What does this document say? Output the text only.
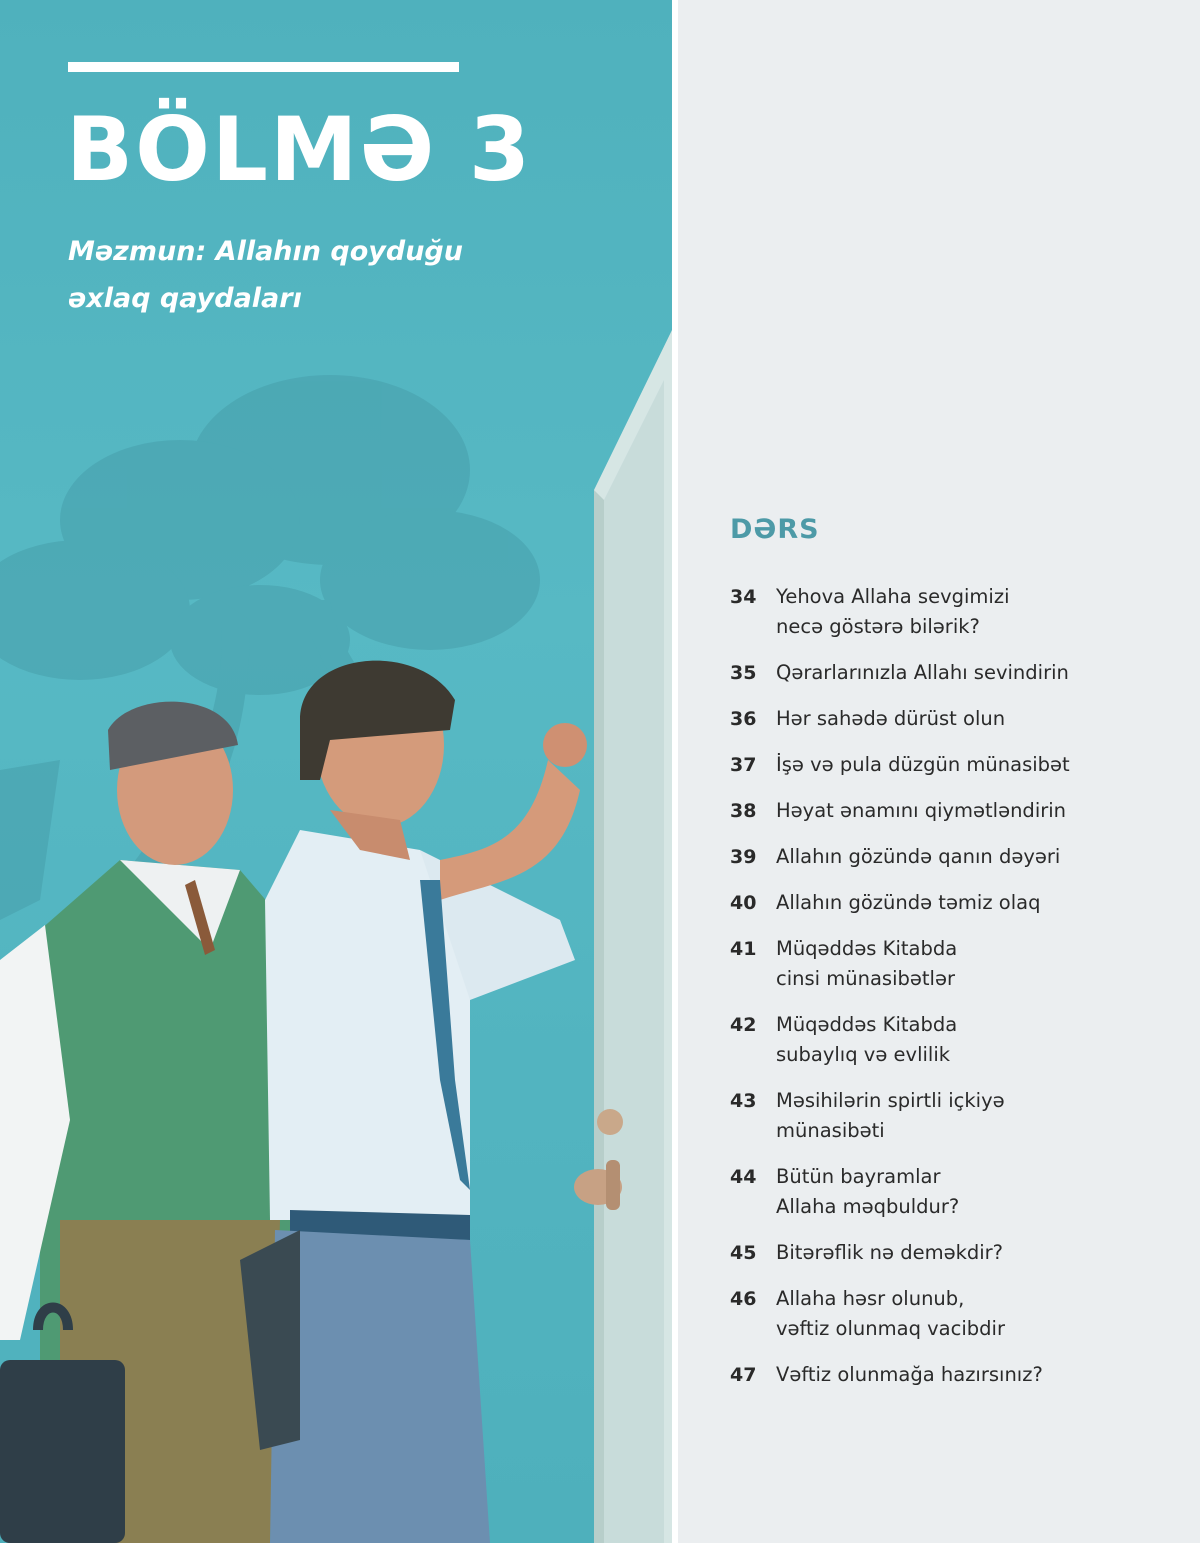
BÖLMƏ 3

Məzmun: Allahın qoyduğu
əxlaq qaydaları

DƏRS
34	Yehova Allaha sevgimizi
necə göstərə bilərik?
35	Qərarlarınızla Allahı sevindirin
36	Hər sahədə dürüst olun
37	İşə və pula düzgün münasibət
38	Həyat ənamını qiymətləndirin
39	Allahın gözündə qanın dəyəri
40	Allahın gözündə təmiz olaq
41	Müqəddəs Kitabda
cinsi münasibətlər
42	Müqəddəs Kitabda
subaylıq və evlilik
43	Məsihilərin spirtli içkiyə
münasibəti
44	Bütün bayramlar
Allaha məqbuldur?
45	Bitərəflik nə deməkdir?
46	Allaha həsr olunub,
vəftiz olunmaq vacibdir
47	Vəftiz olunmağa hazırsınız?
